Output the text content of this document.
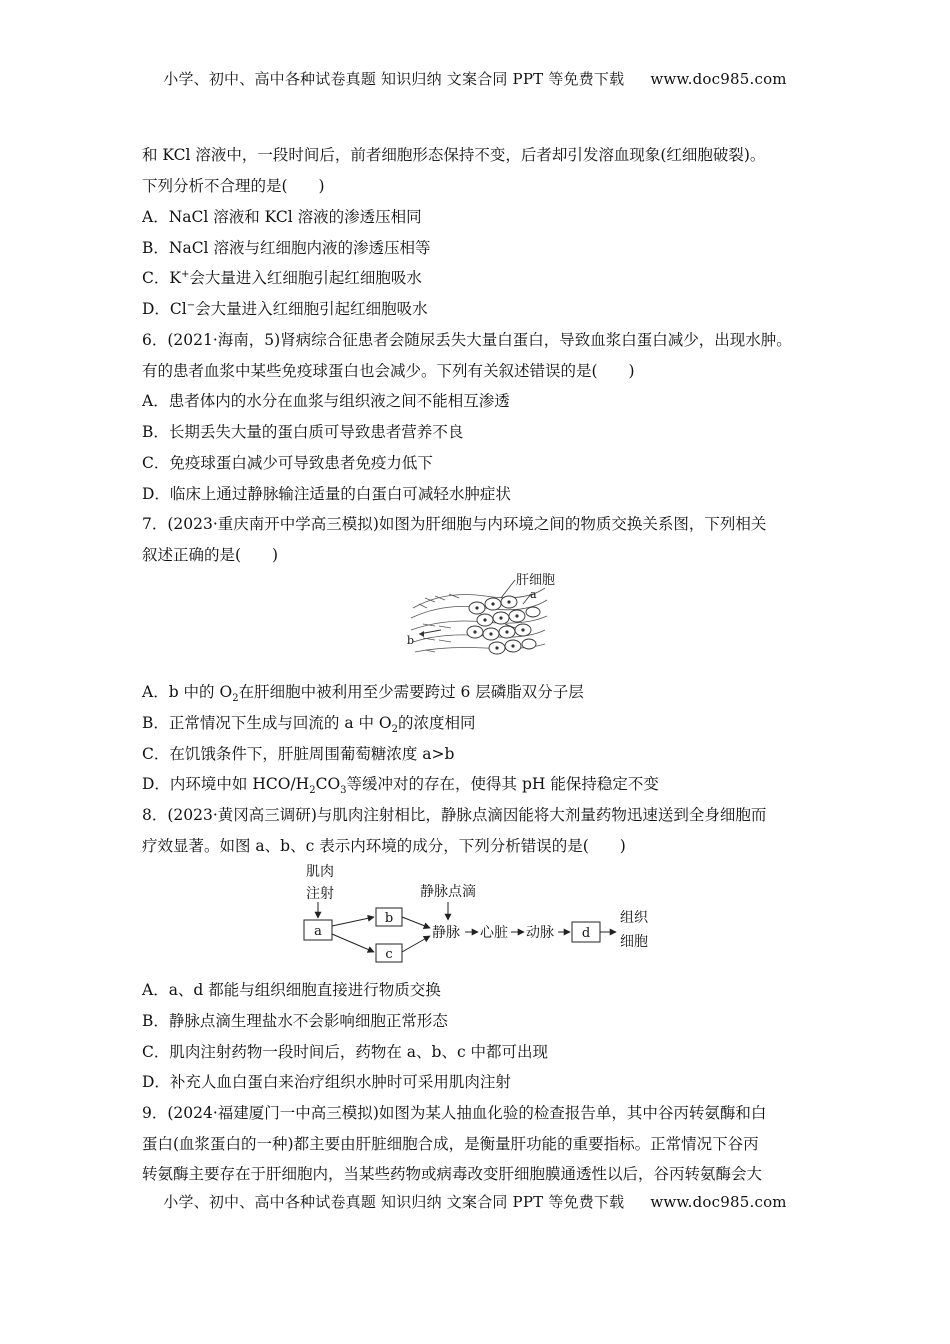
小学、初中、高中各种试卷真题 知识归纳 文案合同 PPT 等免费下载 www.doc985.com
和 KCl 溶液中，一段时间后，前者细胞形态保持不变，后者却引发溶血现象(红细胞破裂)。
下列分析不合理的是(　　)
A．NaCl 溶液和 KCl 溶液的渗透压相同
B．NaCl 溶液与红细胞内液的渗透压相等
C．K+会大量进入红细胞引起红细胞吸水
D．Cl−会大量进入红细胞引起红细胞吸水
6．(2021·海南，5)肾病综合征患者会随尿丢失大量白蛋白，导致血浆白蛋白减少，出现水肿。
有的患者血浆中某些免疫球蛋白也会减少。下列有关叙述错误的是(　　)
A．患者体内的水分在血浆与组织液之间不能相互渗透
B．长期丢失大量的蛋白质可导致患者营养不良
C．免疫球蛋白减少可导致患者免疫力低下
D．临床上通过静脉输注适量的白蛋白可减轻水肿症状
7．(2023·重庆南开中学高三模拟)如图为肝细胞与内环境之间的物质交换关系图，下列相关
叙述正确的是(　　)
肝细胞
a
b
A．b 中的 $O_2$在肝细胞中被利用至少需要跨过 6 层磷脂双分子层
B．正常情况下生成与回流的 a 中 $O_2$的浓度相同
C．在饥饿条件下，肝脏周围葡萄糖浓度 a>b
D．内环境中如 HCO/$H_2CO_3$等缓冲对的存在，使得其 pH 能保持稳定不变
8．(2023·黄冈高三调研)与肌肉注射相比，静脉点滴因能将大剂量药物迅速送到全身细胞而
疗效显著。如图 a、b、c 表示内环境的成分，下列分析错误的是(　　)
肌肉
注射	静脉点滴
静脉 心脏 动脉
组织
细胞
a
b
c
d
A．a、d 都能与组织细胞直接进行物质交换
B．静脉点滴生理盐水不会影响细胞正常形态
C．肌肉注射药物一段时间后，药物在 a、b、c 中都可出现
D．补充人血白蛋白来治疗组织水肿时可采用肌肉注射
9．(2024·福建厦门一中高三模拟)如图为某人抽血化验的检查报告单，其中谷丙转氨酶和白
蛋白(血浆蛋白的一种)都主要由肝脏细胞合成，是衡量肝功能的重要指标。正常情况下谷丙
转氨酶主要存在于肝细胞内，当某些药物或病毒改变肝细胞膜通透性以后，谷丙转氨酶会大
小学、初中、高中各种试卷真题 知识归纳 文案合同 PPT 等免费下载 www.doc985.com
